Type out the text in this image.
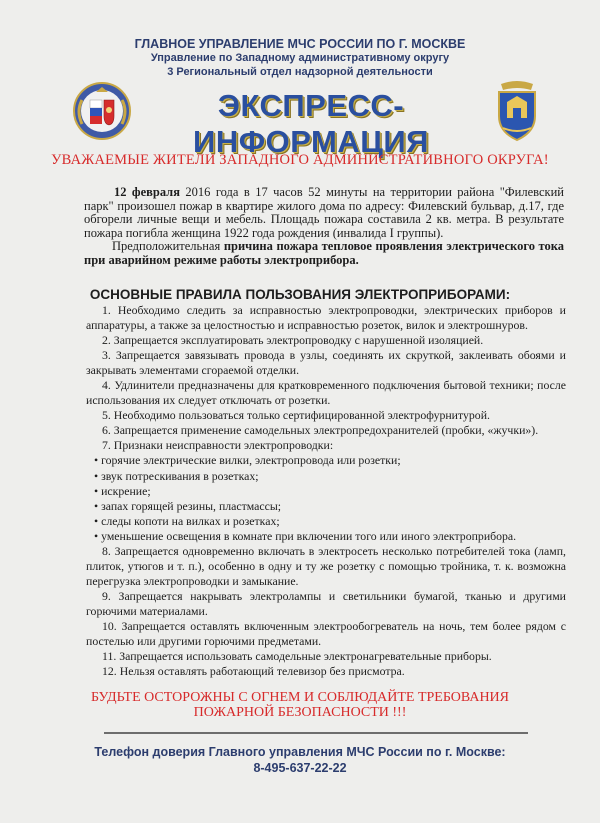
ГЛАВНОЕ УПРАВЛЕНИЕ МЧС РОССИИ ПО Г. МОСКВЕ
Управление по Западному административному округу
3 Региональный отдел надзорной деятельности
ЭКСПРЕСС-ИНФОРМАЦИЯ
УВАЖАЕМЫЕ ЖИТЕЛИ ЗАПАДНОГО АДМИНИСТРАТИВНОГО ОКРУГА!

12 февраля 2016 года в 17 часов 52 минуты на территории района "Филевский парк" произошел пожар в квартире жилого дома по адресу: Филевский бульвар, д.17, где обгорели личные вещи и мебель. Площадь пожара составила 2 кв. метра. В результате пожара погибла женщина 1922 года рождения (инвалида I группы).

Предположительная причина пожара тепловое проявления электрического тока при аварийном режиме работы электроприбора.

ОСНОВНЫЕ ПРАВИЛА ПОЛЬЗОВАНИЯ ЭЛЕКТРОПРИБОРАМИ:
1. Необходимо следить за исправностью электропроводки, электрических приборов и аппаратуры, а также за целостностью и исправностью розеток, вилок и электрошнуров.
2. Запрещается эксплуатировать электропроводку с нарушенной изоляцией.
3. Запрещается завязывать провода в узлы, соединять их скруткой, заклеивать обоями и закрывать элементами сгораемой отделки.
4. Удлинители предназначены для кратковременного подключения бытовой техники; после использования их следует отключать от розетки.
5. Необходимо пользоваться только сертифицированной электрофурнитурой.
6. Запрещается применение самодельных электропредохранителей (пробки, «жучки»).
7. Признаки неисправности электропроводки:
• горячие электрические вилки, электропровода или розетки;
• звук потрескивания в розетках;
• искрение;
• запах горящей резины, пластмассы;
• следы копоти на вилках и розетках;
• уменьшение освещения в комнате при включении того или иного электроприбора.
8. Запрещается одновременно включать в электросеть несколько потребителей тока (ламп, плиток, утюгов и т. п.), особенно в одну и ту же розетку с помощью тройника, т. к. возможна перегрузка электропроводки и замыкание.
9. Запрещается накрывать электролампы и светильники бумагой, тканью и другими горючими материалами.
10. Запрещается оставлять включенным электрообогреватель на ночь, тем более рядом с постелью или другими горючими предметами.
11. Запрещается использовать самодельные электронагревательные приборы.
12. Нельзя оставлять работающий телевизор без присмотра.
БУДЬТЕ ОСТОРОЖНЫ С ОГНЕМ И СОБЛЮДАЙТЕ ТРЕБОВАНИЯ
ПОЖАРНОЙ БЕЗОПАСНОСТИ !!!
Телефон доверия Главного управления МЧС России по г. Москве:
8-495-637-22-22
